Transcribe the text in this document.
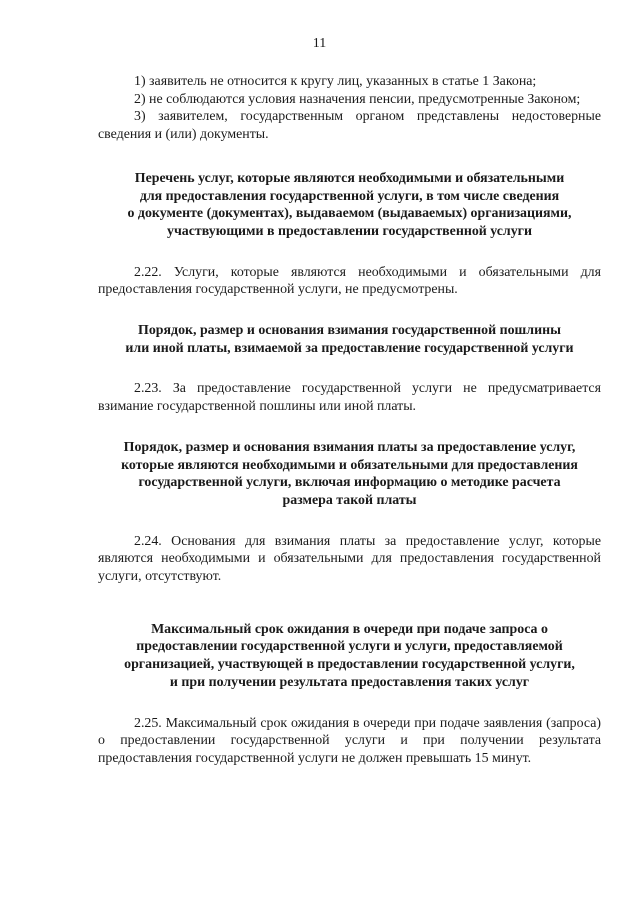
11

1) заявитель не относится к кругу лиц, указанных в статье 1 Закона;

2) не соблюдаются условия назначения пенсии, предусмотренные Законом;

3) заявителем, государственным органом представлены недостоверные сведения и (или) документы.

Перечень услуг, которые являются необходимыми и обязательными

для предоставления государственной услуги, в том числе сведения

о документе (документах), выдаваемом (выдаваемых) организациями,

участвующими в предоставлении государственной услуги

2.22. Услуги, которые являются необходимыми и обязательными для предоставления государственной услуги, не предусмотрены.

Порядок, размер и основания взимания государственной пошлины

или иной платы, взимаемой за предоставление государственной услуги

2.23. За предоставление государственной услуги не предусматривается взимание государственной пошлины или иной платы.

Порядок, размер и основания взимания платы за предоставление услуг,

которые являются необходимыми и обязательными для предоставления

государственной услуги, включая информацию о методике расчета

размера такой платы

2.24. Основания для взимания платы за предоставление услуг, которые являются необходимыми и обязательными для предоставления государственной услуги, отсутствуют.

Максимальный срок ожидания в очереди при подаче запроса о

предоставлении государственной услуги и услуги, предоставляемой

организацией, участвующей в предоставлении государственной услуги,

и при получении результата предоставления таких услуг

2.25. Максимальный срок ожидания в очереди при подаче заявления (запроса) о предоставлении государственной услуги и при получении результата предоставления государственной услуги не должен превышать 15 минут.
